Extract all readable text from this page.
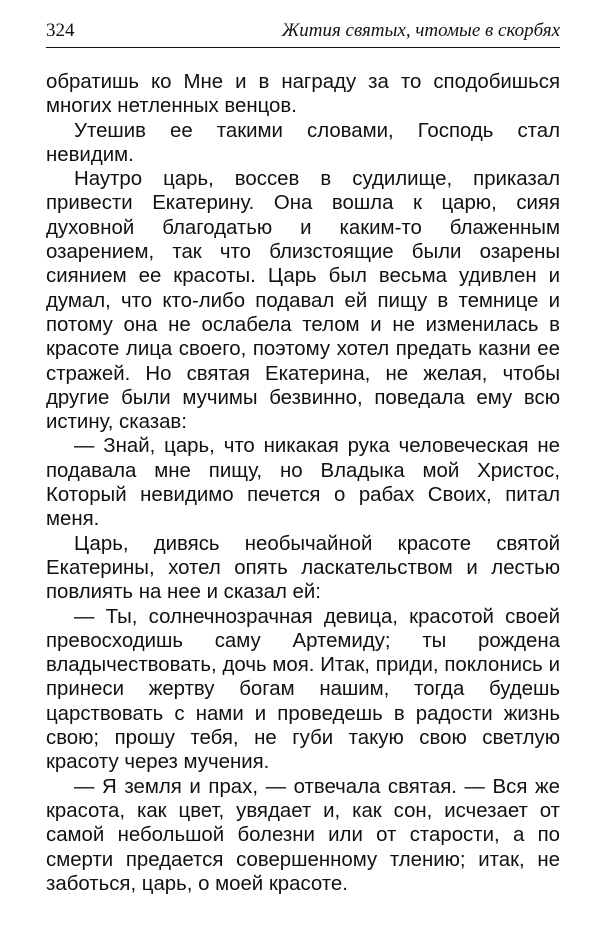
324	Жития святых, чтомые в скорбях

обратишь ко Мне и в награду за то сподобишься многих нетленных венцов.

Утешив ее такими словами, Господь стал невидим.

Наутро царь, воссев в судилище, приказал привести Екатерину. Она вошла к царю, сияя духовной благодатью и каким-то блаженным озарением, так что близстоящие были озарены сиянием ее красоты. Царь был весьма удивлен и думал, что кто-либо подавал ей пищу в темнице и потому она не ослабела телом и не изменилась в красоте лица своего, поэтому хотел предать казни ее стражей. Но святая Екатерина, не желая, чтобы другие были мучимы безвинно, поведала ему всю истину, сказав:

— Знай, царь, что никакая рука человеческая не подавала мне пищу, но Владыка мой Христос, Который невидимо печется о рабах Своих, питал меня.

Царь, дивясь необычайной красоте святой Екатерины, хотел опять ласкательством и лестью повлиять на нее и сказал ей:

— Ты, солнечнозрачная девица, красотой своей превосходишь саму Артемиду; ты рождена владычествовать, дочь моя. Итак, приди, поклонись и принеси жертву богам нашим, тогда будешь царствовать с нами и проведешь в радости жизнь свою; прошу тебя, не губи такую свою светлую красоту через мучения.

— Я земля и прах, — отвечала святая. — Вся же красота, как цвет, увядает и, как сон, исчезает от самой небольшой болезни или от старости, а по смерти предается совершенному тлению; итак, не заботься, царь, о моей красоте.
